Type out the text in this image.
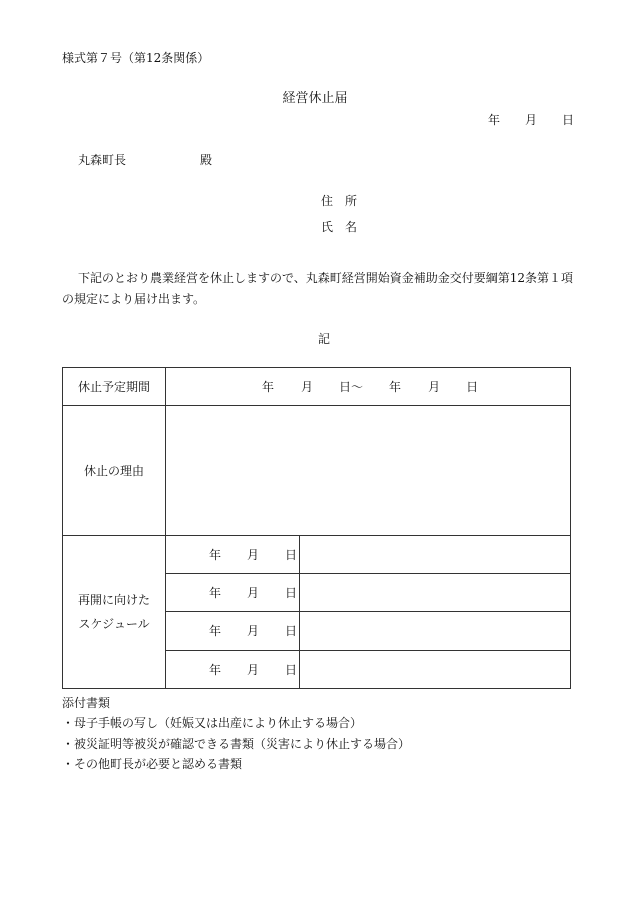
様式第７号（第12条関係）
経営休止届
年 月 日
丸森町長	殿
住　所
氏　名
下記のとおり農業経営を休止しますので、丸森町経営開始資金補助金交付要綱第12条第１項
の規定により届け出ます。
記
休止予定期間	年 月 日～ 年 月 日	

休止の理由		

再開に向けた
スケジュール	年 月 日	

	年 月 日	

	年 月 日	

	年 月 日	

添付書類
・母子手帳の写し（妊娠又は出産により休止する場合）
・被災証明等被災が確認できる書類（災害により休止する場合）
・その他町長が必要と認める書類
